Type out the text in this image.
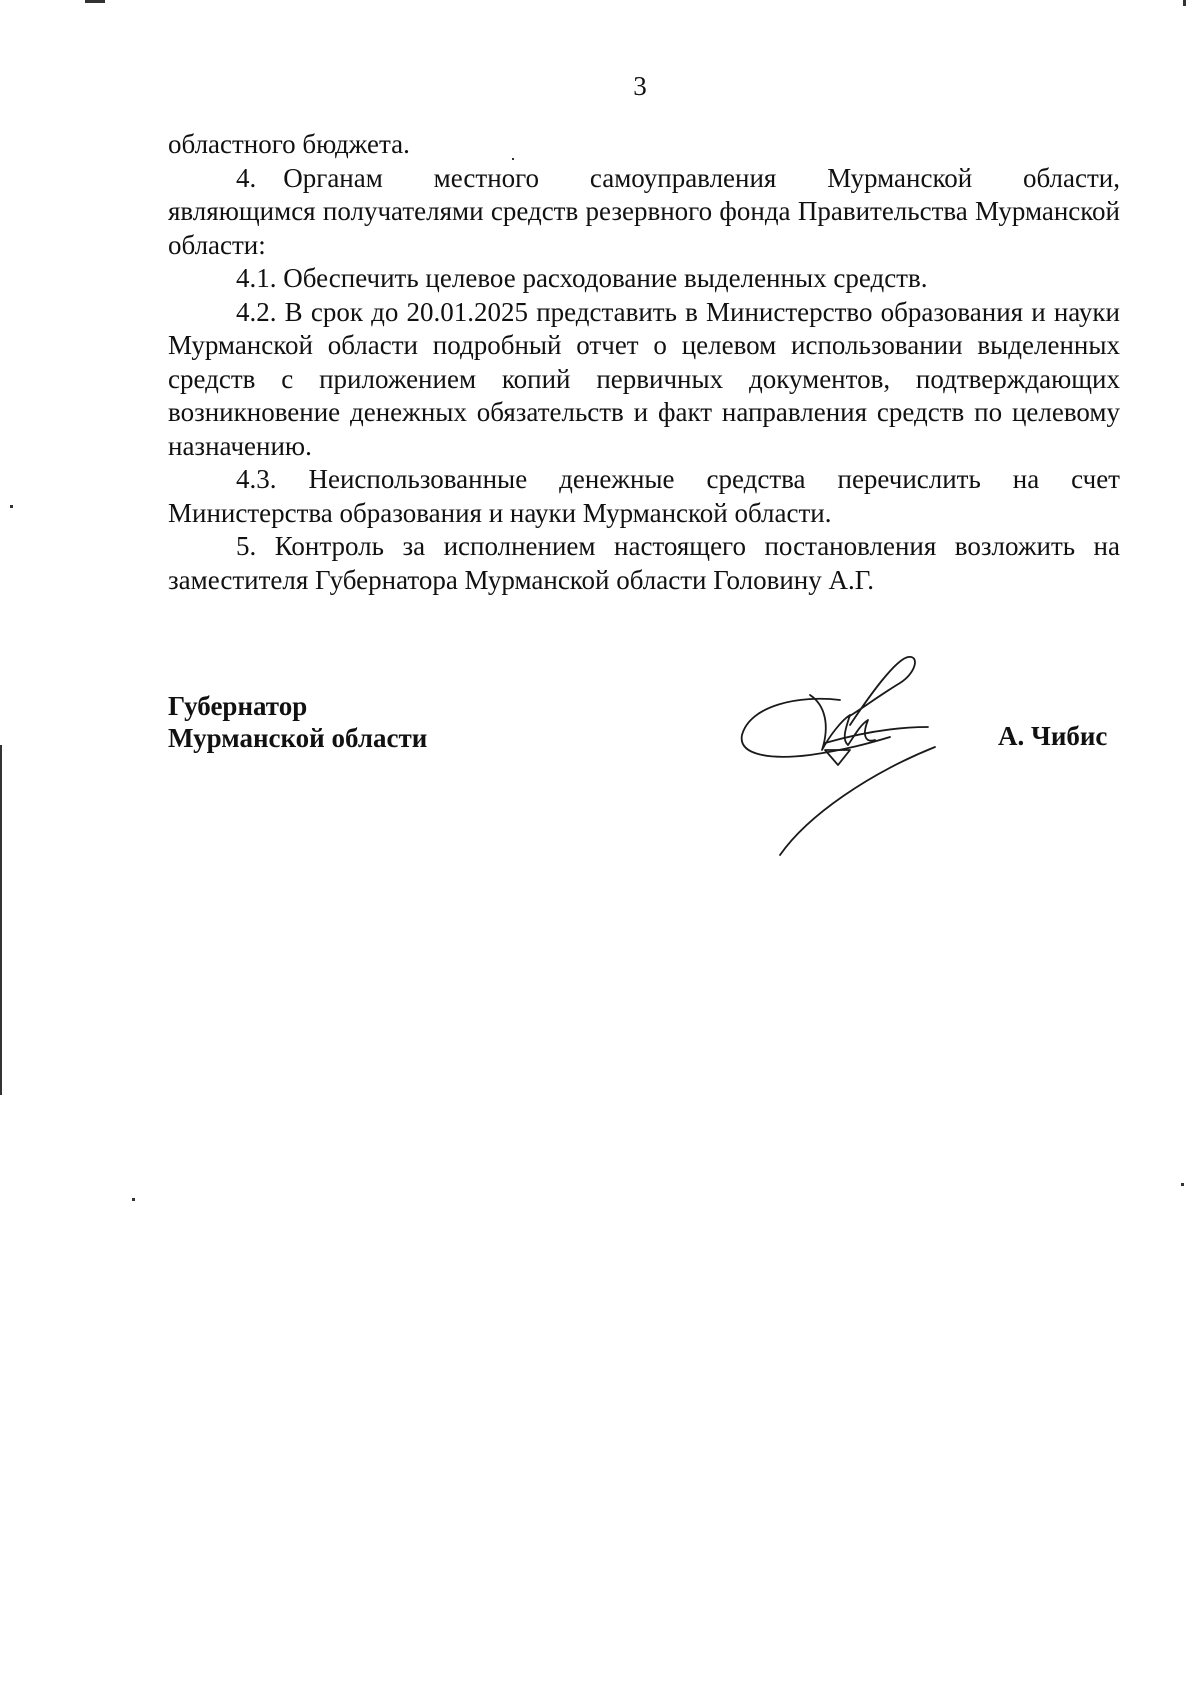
3

областного бюджета.

4. Органам  местного  самоуправления  Мурманской  области, являющимся получателями средств резервного фонда Правительства Мурманской области:

4.1. Обеспечить целевое расходование выделенных средств.

4.2. В срок до 20.01.2025 представить в Министерство образования и науки Мурманской области подробный отчет о целевом использовании выделенных средств с приложением копий первичных документов, подтверждающих возникновение денежных обязательств и факт направления средств по целевому назначению.

4.3. Неиспользованные денежные средства перечислить на счет Министерства образования и науки Мурманской области.

5. Контроль за исполнением настоящего постановления возложить на заместителя Губернатора Мурманской области Головину А.Г.

Губернатор
Мурманской области	А. Чибис
